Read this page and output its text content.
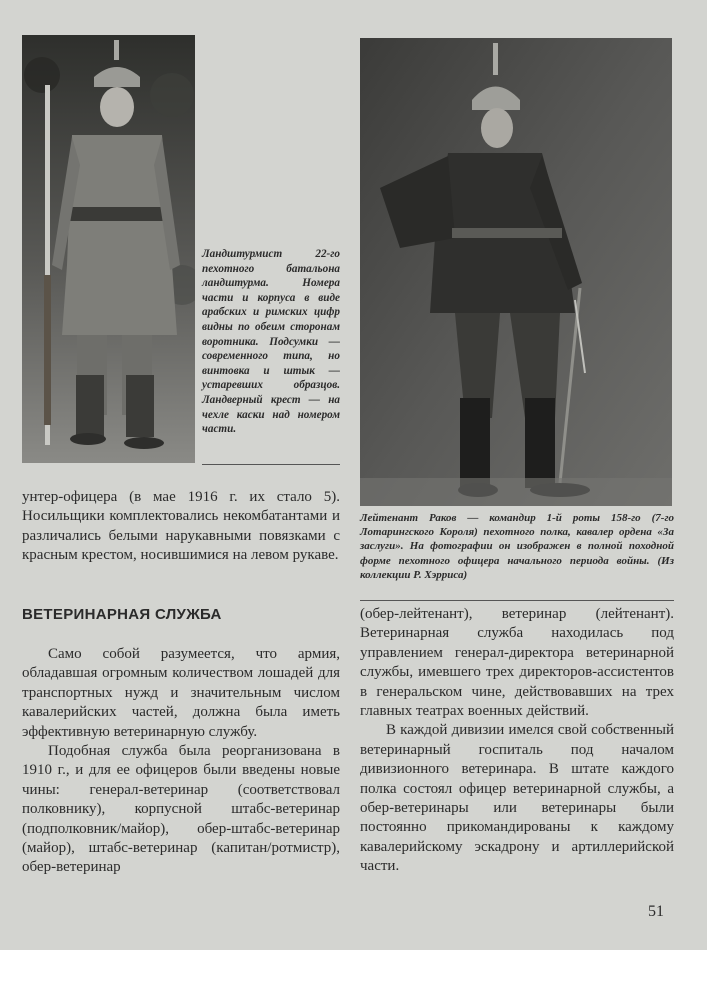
Ландштурмист 22-го пехотного батальона ландштурма. Номера части и корпуса в виде арабских и римских цифр видны по обеим сторонам воротника. Подсумки — современного типа, но винтовка и штык — устаревших образцов. Ландверный крест — на чехле каски над номером части.
Лейтенант Раков — командир 1-й роты 158-го (7-го Лотарингского Короля) пехотного полка, кавалер ордена «За заслуги». На фотографии он изображен в полной походной форме пехотного офицера начального периода войны. (Из коллекции Р. Хэрриса)

унтер-офицера (в мае 1916 г. их стало 5). Носильщики комплектовались некомбатантами и различались белыми нарукавными повязками с красным крестом, носившимися на левом рукаве.

ВЕТЕРИНАРНАЯ СЛУЖБА

Само собой разумеется, что армия, обладавшая огромным количеством лошадей для транспортных нужд и значительным числом кавалерийских частей, должна была иметь эффективную ветеринарную службу.

Подобная служба была реорганизована в 1910 г., и для ее офицеров были введены новые чины: генерал-ветеринар (соответствовал полковнику), корпусной штабс-ветеринар (подполковник/майор), обер-штабс-ветеринар (майор), штабс-ветеринар (капитан/ротмистр), обер-ветеринар

(обер-лейтенант), ветеринар (лейтенант). Ветеринарная служба находилась под управлением генерал-директора ветеринарной службы, имевшего трех директоров-ассистентов в генеральском чине, действовавших на трех главных театрах военных действий.

В каждой дивизии имелся свой собственный ветеринарный госпиталь под началом дивизионного ветеринара. В штате каждого полка состоял офицер ветеринарной службы, а обер-ветеринары или ветеринары были постоянно прикомандированы к каждому кавалерийскому эскадрону и артиллерийской части.

51
